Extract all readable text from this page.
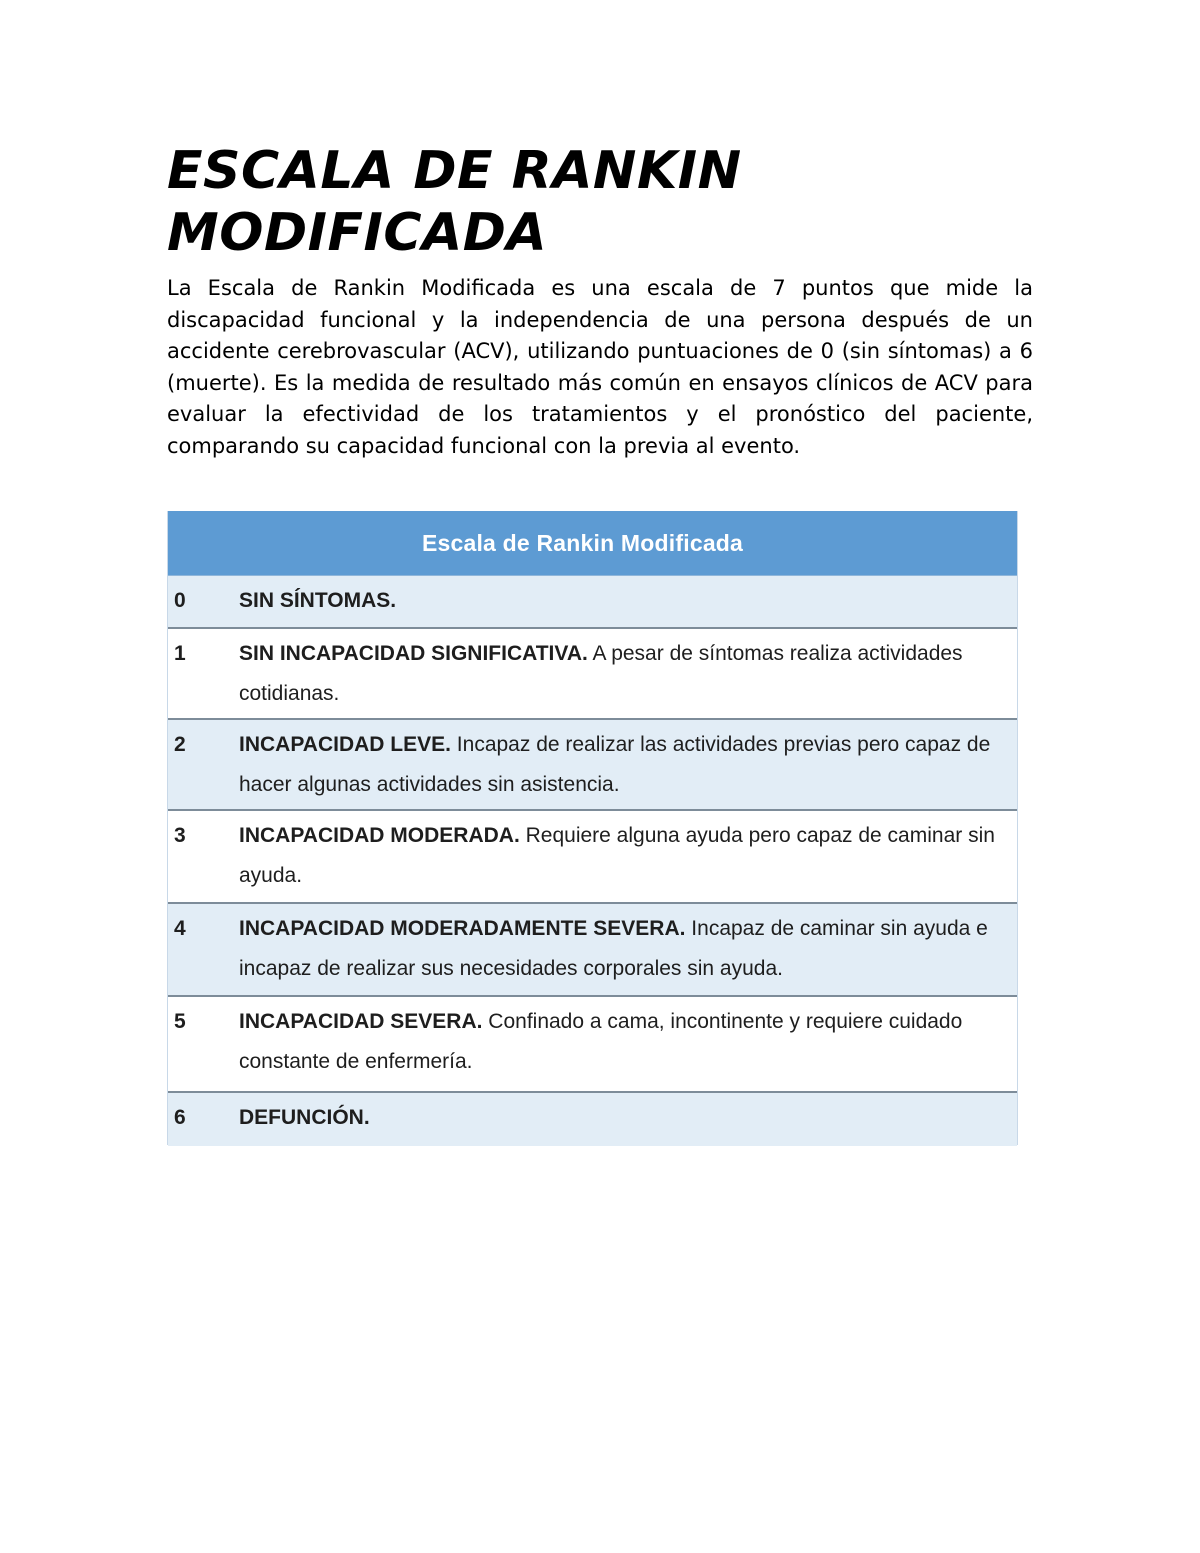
ESCALA DE RANKIN MODIFICADA

La Escala de Rankin Modificada es una escala de 7 puntos que mide la discapacidad funcional y la independencia de una persona después de un accidente cerebrovascular (ACV), utilizando puntuaciones de 0 (sin síntomas) a 6 (muerte). Es la medida de resultado más común en ensayos clínicos de ACV para evaluar la efectividad de los tratamientos y el pronóstico del paciente, comparando su capacidad funcional con la previa al evento.

Escala de Rankin Modificada
0	SIN SÍNTOMAS.
1	SIN INCAPACIDAD SIGNIFICATIVA. A pesar de síntomas realiza actividades cotidianas.
2	INCAPACIDAD LEVE. Incapaz de realizar las actividades previas pero capaz de hacer algunas actividades sin asistencia.
3	INCAPACIDAD MODERADA. Requiere alguna ayuda pero capaz de caminar sin ayuda.
4	INCAPACIDAD MODERADAMENTE SEVERA. Incapaz de caminar sin ayuda e incapaz de realizar sus necesidades corporales sin ayuda.
5	INCAPACIDAD SEVERA. Confinado a cama, incontinente y requiere cuidado constante de enfermería.
6	DEFUNCIÓN.
